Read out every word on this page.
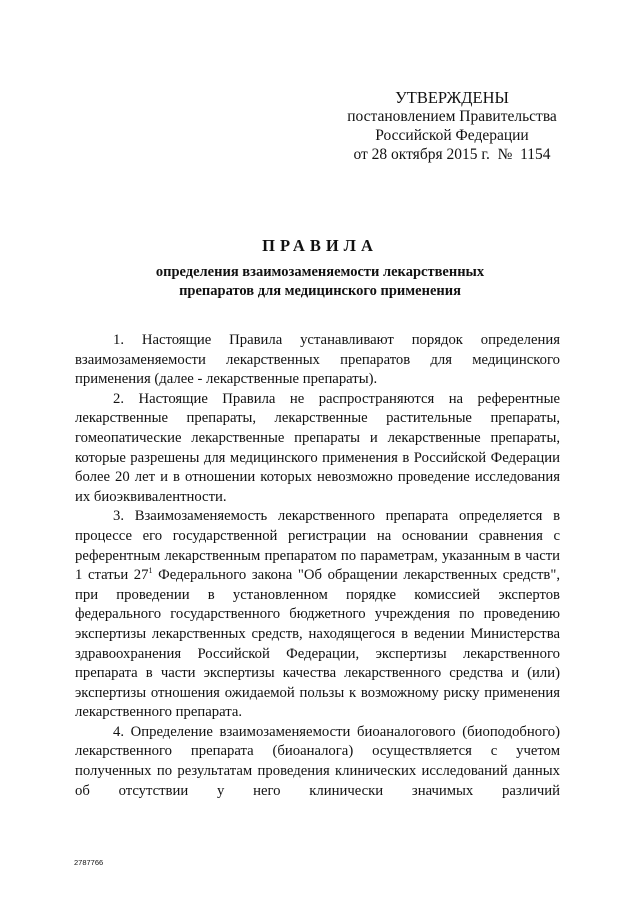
УТВЕРЖДЕНЫ
постановлением Правительства
Российской Федерации
от 28 октября 2015 г.  №  1154
ПРАВИЛА
определения взаимозаменяемости лекарственных
препаратов для медицинского применения

1. Настоящие Правила устанавливают порядок определения взаимозаменяемости лекарственных препаратов для медицинского применения (далее - лекарственные препараты).

2. Настоящие Правила не распространяются на референтные лекарственные препараты, лекарственные растительные препараты, гомеопатические лекарственные препараты и лекарственные препараты, которые разрешены для медицинского применения в Российской Федерации более 20 лет и в отношении которых невозможно проведение исследования их биоэквивалентности.

3. Взаимозаменяемость лекарственного препарата определяется в процессе его государственной регистрации на основании сравнения с референтным лекарственным препаратом по параметрам, указанным в части 1 статьи $27^1$ Федерального закона "Об обращении лекарственных средств", при проведении в установленном порядке комиссией экспертов федерального государственного бюджетного учреждения по проведению экспертизы лекарственных средств, находящегося в ведении Министерства здравоохранения Российской Федерации, экспертизы лекарственного препарата в части экспертизы качества лекарственного средства и (или) экспертизы отношения ожидаемой пользы к возможному риску применения лекарственного препарата.

4. Определение взаимозаменяемости биоаналогового (биоподобного) лекарственного препарата (биоаналога) осуществляется с учетом полученных по результатам проведения клинических исследований данных об отсутствии у него клинически значимых различий

2787766
